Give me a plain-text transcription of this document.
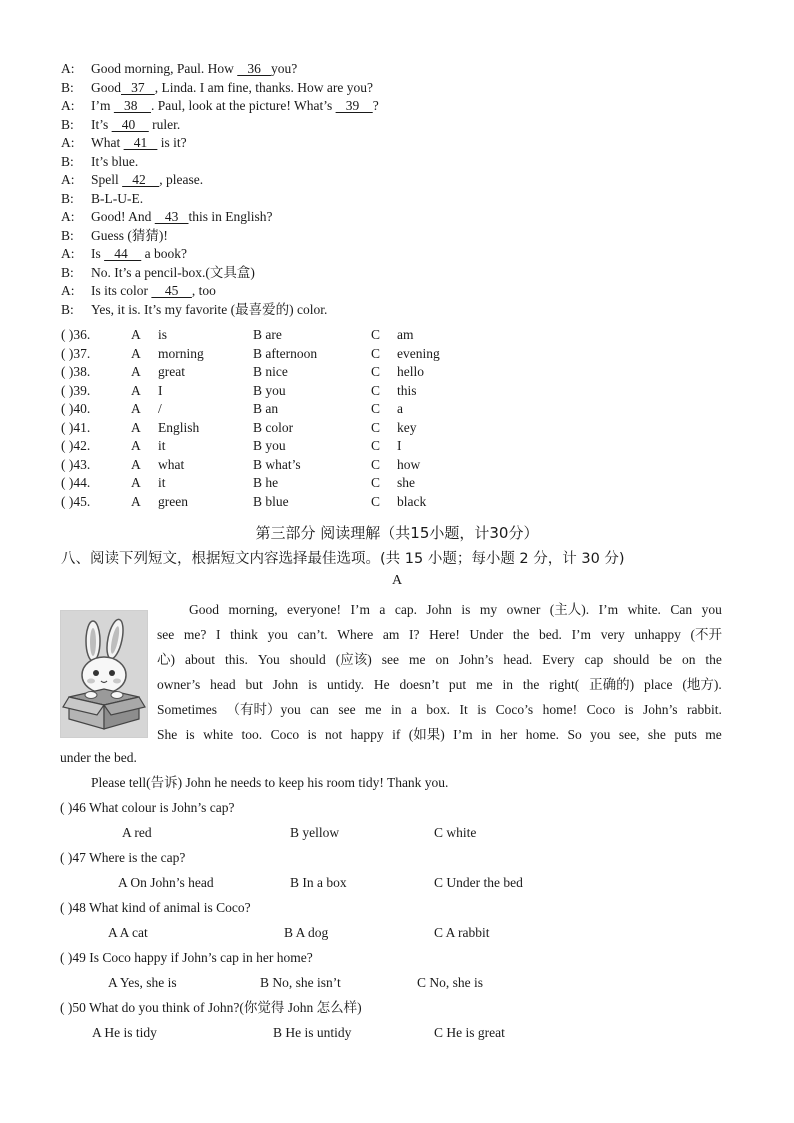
A: Good morning, Paul. How    36   you?
B: Good   37   , Linda. I am fine, thanks. How are you?
A: I’m    38    . Paul, look at the picture! What’s    39    ?
B: It’s    40     ruler.
A: What    41    is it?
B: It’s blue.
A: Spell    42    , please.
B: B-L-U-E.
A: Good! And    43   this in English?
B: Guess (猜猜)!
A: Is    44     a book?
B: No. It’s a pencil-box.(文具盒)
A: Is its color     45    , too
B: Yes, it is. It’s my favorite (最喜爱的) color.
( )36.	A is	B are	C am
( )37.	A morning	B afternoon	C evening
( )38.	A great	B nice	C hello
( )39.	A I	B you	C this
( )40.	A /	B an	C a
( )41.	A English	B color	C key
( )42.	A it	B you	C I
( )43.	A what	B what’s	C how
( )44.	A it	B he	C she
( )45.	A green	B blue	C black
第三部分 阅读理解（共15小题，计30分）
八、阅读下列短文，根据短文内容选择最佳选项。(共 15 小题；每小题 2 分，计 30 分)
A
Good morning, everyone! I’m a cap. John is my owner (主人). I’m white. Can you
see me? I think you can’t. Where am I? Here! Under the bed. I’m very unhappy (不开
心) about this. You should (应该) see me on John’s head. Every cap should be on the
owner’s head but John is untidy. He doesn’t put me in the right( 正确的) place (地方).
Sometimes （有时）you can see me in a box. It is Coco’s home! Coco is John’s rabbit.
She is white too. Coco is not happy if (如果) I’m in her home. So you see, she puts me
under the bed.
Please tell(告诉) John he needs to keep his room tidy! Thank you.
( )46 What colour is John’s cap?
A red	B yellow	C white
( )47 Where is the cap?
A On John’s head	B In a box	C Under the bed
( )48 What kind of animal is Coco?
A A cat	B A dog	C A rabbit
( )49 Is Coco happy if John’s cap in her home?
A Yes, she is	B No, she isn’t	C No, she is
( )50 What do you think of John?(你觉得 John 怎么样)
A He is tidy	B He is untidy	C He is great
